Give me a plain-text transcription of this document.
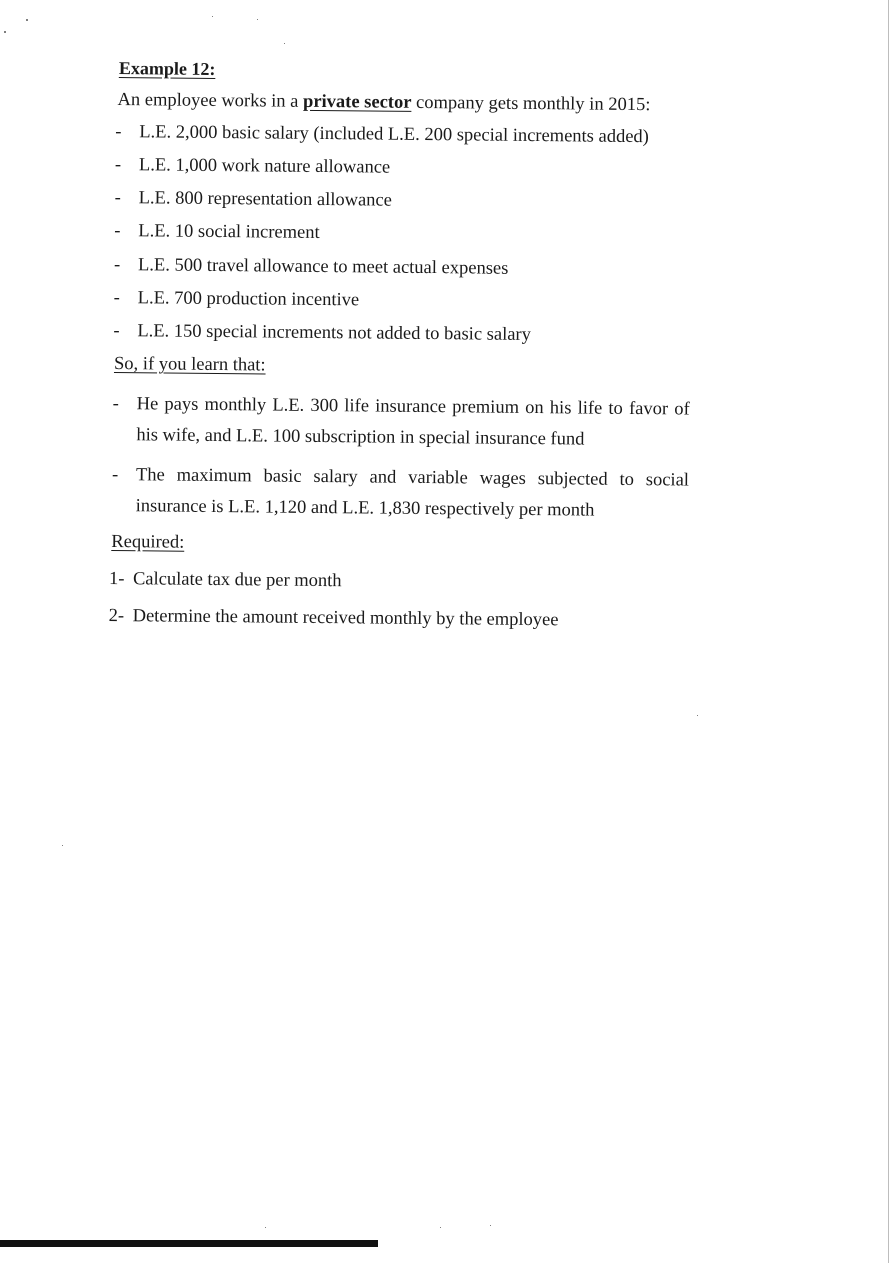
Example 12:
An employee works in a private sector company gets monthly in 2015:
- L.E. 2,000 basic salary (included L.E. 200 special increments added)
- L.E. 1,000 work nature allowance
- L.E. 800 representation allowance
- L.E. 10 social increment
- L.E. 500 travel allowance to meet actual expenses
- L.E. 700 production incentive
- L.E. 150 special increments not added to basic salary
So, if you learn that:
- He pays monthly L.E. 300 life insurance premium on his life to favor of his wife, and L.E. 100 subscription in special insurance fund
- The maximum basic salary and variable wages subjected to social insurance is L.E. 1,120 and L.E. 1,830 respectively per month
Required:
1- Calculate tax due per month
2- Determine the amount received monthly by the employee
